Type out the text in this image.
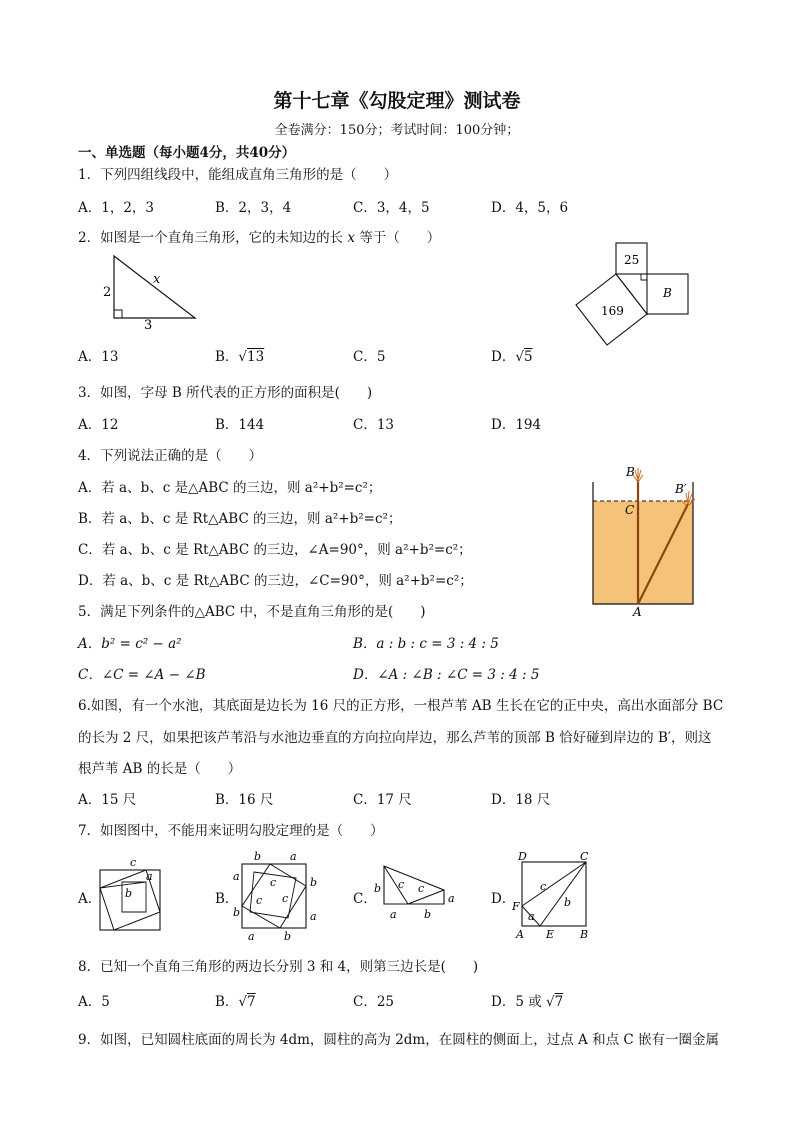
第十七章《勾股定理》测试卷
全卷满分：150分；考试时间：100分钟；
一、单选题（每小题4分，共40分）
1．下列四组线段中，能组成直角三角形的是（　　）
A．1，2，3	B．2，3，4	C．3，4，5	D．4，5，6
2．如图是一个直角三角形，它的未知边的长 x 等于（　　）
2
3
x
A．13	B．√13	C．5	D．√5
25
B
169
3．如图，字母 B 所代表的正方形的面积是(　　)
A．12	B．144	C．13	D．194
4．下列说法正确的是（　　）
A．若 a、b、c 是△ABC 的三边，则 a²+b²=c²；
B．若 a、b、c 是 Rt△ABC 的三边，则 a²+b²=c²；
C．若 a、b、c 是 Rt△ABC 的三边，∠A=90°，则 a²+b²=c²；
D．若 a、b、c 是 Rt△ABC 的三边，∠C=90°，则 a²+b²=c²；
B
C
B′
A
5．满足下列条件的△ABC 中，不是直角三角形的是(　　)
A．b² = c² − a²	B．a : b : c = 3 : 4 : 5
C．∠C = ∠A − ∠B	D．∠A : ∠B : ∠C = 3 : 4 : 5
6.如图，有一个水池，其底面是边长为 16 尺的正方形，一根芦苇 AB 生长在它的正中央，高出水面部分 BC
的长为 2 尺，如果把该芦苇沿与水池边垂直的方向拉向岸边，那么芦苇的顶部 B 恰好碰到岸边的 B′，则这
根芦苇 AB 的长是（　　）
A．15 尺	B．16 尺	C．17 尺	D．18 尺
7．如图图中，不能用来证明勾股定理的是（　　）
A．	B．	C．	D．
c
a
b
b	a
a
b
b
a
a	b
c
c c
b c c
a
a b
D	C
F
A E B
c
b
a
8．已知一个直角三角形的两边长分别 3 和 4，则第三边长是(　　)
A．5	B．√7	C．25	D．5 或 √7
9．如图，已知圆柱底面的周长为 4dm，圆柱的高为 2dm，在圆柱的侧面上，过点 A 和点 C 嵌有一圈金属
